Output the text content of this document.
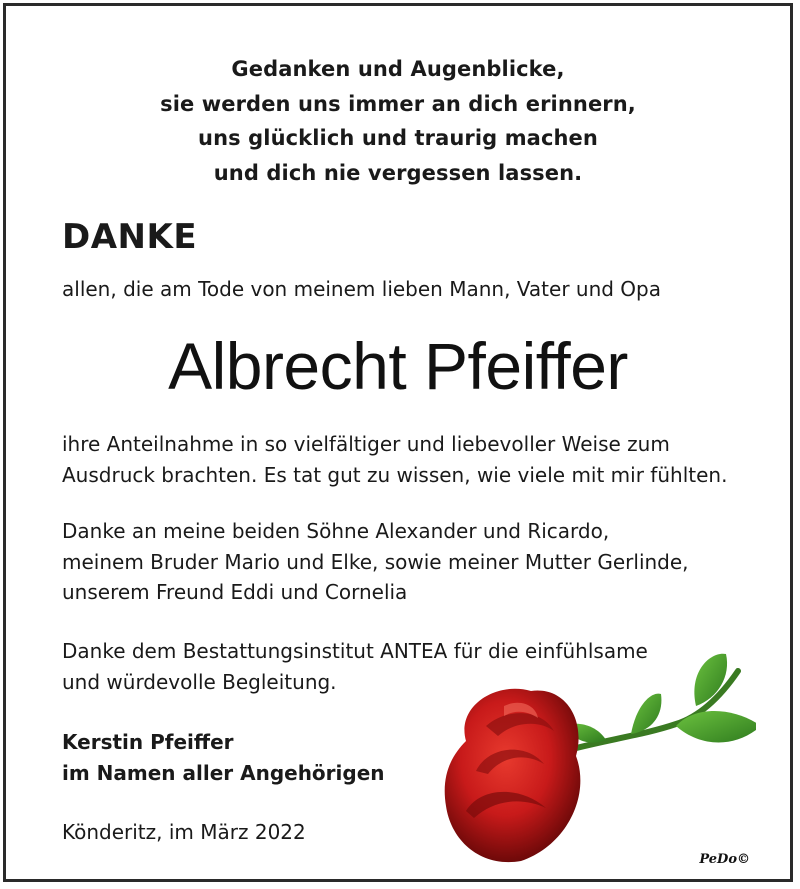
Gedanken und Augenblicke,
sie werden uns immer an dich erinnern,
uns glücklich und traurig machen
und dich nie vergessen lassen.
DANKE
allen, die am Tode von meinem lieben Mann, Vater und Opa
Albrecht Pfeiffer
ihre Anteilnahme in so vielfältiger und liebevoller Weise zum
Ausdruck brachten. Es tat gut zu wissen, wie viele mit mir fühlten.
Danke an meine beiden Söhne Alexander und Ricardo,
meinem Bruder Mario und Elke, sowie meiner Mutter Gerlinde,
unserem Freund Eddi und Cornelia
Danke dem Bestattungsinstitut ANTEA für die einfühlsame
und würdevolle Begleitung.
Kerstin Pfeiffer
im Namen aller Angehörigen
Könderitz, im März 2022
PeDo©
